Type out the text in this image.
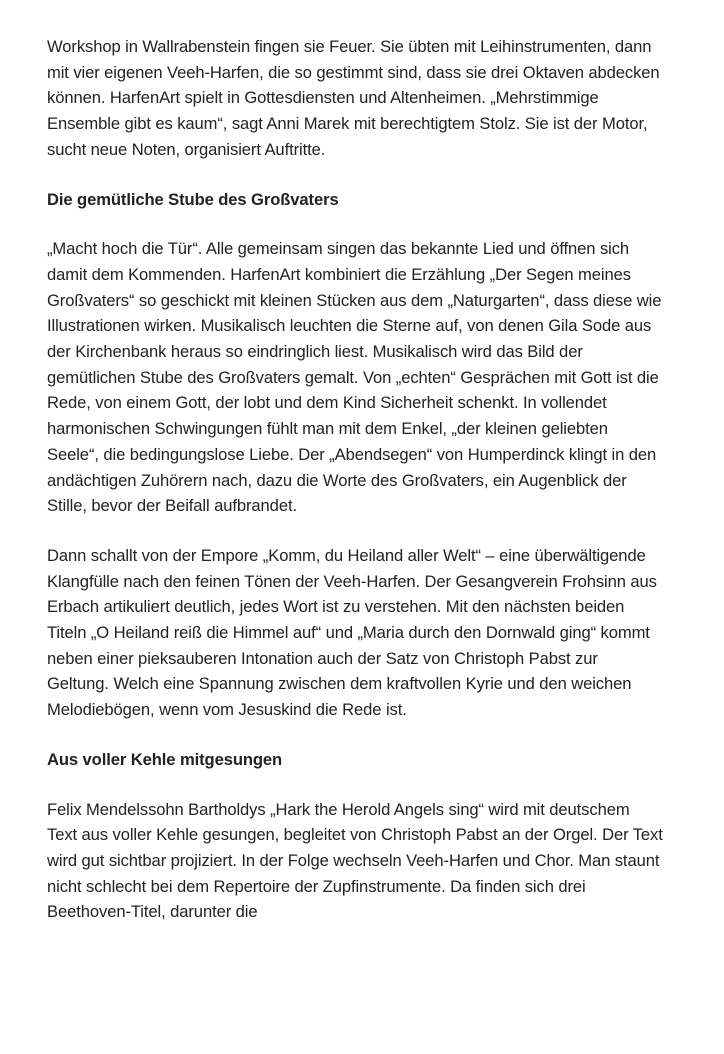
Workshop in Wallrabenstein fingen sie Feuer. Sie übten mit Leihinstrumenten, dann mit vier eigenen Veeh-Harfen, die so gestimmt sind, dass sie drei Oktaven abdecken können. HarfenArt spielt in Gottesdiensten und Altenheimen. „Mehrstimmige Ensemble gibt es kaum“, sagt Anni Marek mit berechtigtem Stolz. Sie ist der Motor, sucht neue Noten, organisiert Auftritte.

Die gemütliche Stube des Großvaters

„Macht hoch die Tür“. Alle gemeinsam singen das bekannte Lied und öffnen sich damit dem Kommenden. HarfenArt kombiniert die Erzählung „Der Segen meines Großvaters“ so geschickt mit kleinen Stücken aus dem „Naturgarten“, dass diese wie Illustrationen wirken. Musikalisch leuchten die Sterne auf, von denen Gila Sode aus der Kirchenbank heraus so eindringlich liest. Musikalisch wird das Bild der gemütlichen Stube des Großvaters gemalt. Von „echten“ Gesprächen mit Gott ist die Rede, von einem Gott, der lobt und dem Kind Sicherheit schenkt. In vollendet harmonischen Schwingungen fühlt man mit dem Enkel, „der kleinen geliebten Seele“, die bedingungslose Liebe. Der „Abendsegen“ von Humperdinck klingt in den andächtigen Zuhörern nach, dazu die Worte des Großvaters, ein Augenblick der Stille, bevor der Beifall aufbrandet.

Dann schallt von der Empore „Komm, du Heiland aller Welt“ – eine überwältigende Klangfülle nach den feinen Tönen der Veeh-Harfen. Der Gesangverein Frohsinn aus Erbach artikuliert deutlich, jedes Wort ist zu verstehen. Mit den nächsten beiden Titeln „O Heiland reiß die Himmel auf“ und „Maria durch den Dornwald ging“ kommt neben einer pieksauberen Intonation auch der Satz von Christoph Pabst zur Geltung. Welch eine Spannung zwischen dem kraftvollen Kyrie und den weichen Melodiebögen, wenn vom Jesuskind die Rede ist.

Aus voller Kehle mitgesungen

Felix Mendelssohn Bartholdys „Hark the Herold Angels sing“ wird mit deutschem Text aus voller Kehle gesungen, begleitet von Christoph Pabst an der Orgel. Der Text wird gut sichtbar projiziert. In der Folge wechseln Veeh-Harfen und Chor. Man staunt nicht schlecht bei dem Repertoire der Zupfinstrumente. Da finden sich drei Beethoven-Titel, darunter die
